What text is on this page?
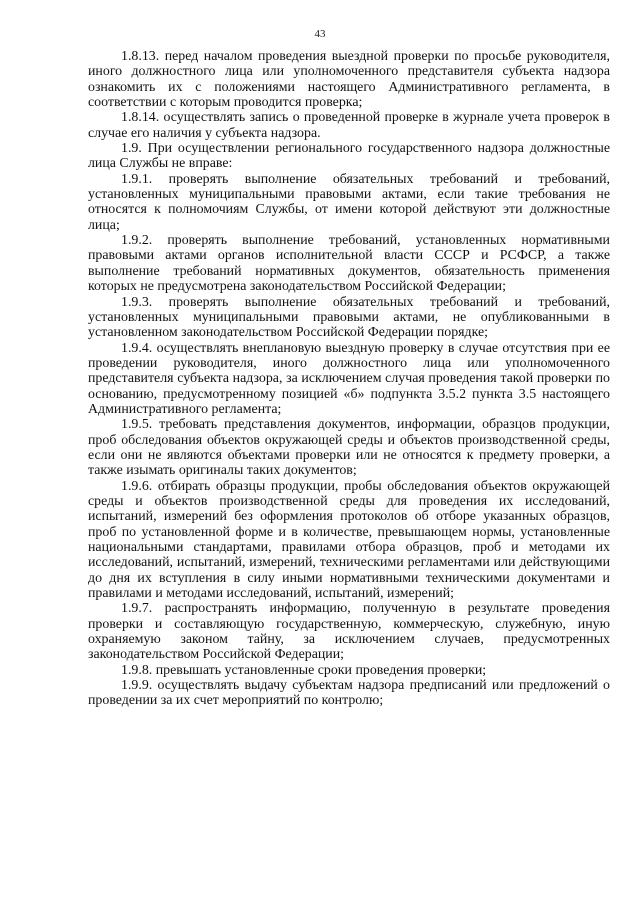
43

1.8.13. перед началом проведения выездной проверки по просьбе руководителя, иного должностного лица или уполномоченного представителя субъекта надзора ознакомить их с положениями настоящего Административного регламента, в соответствии с которым проводится проверка;

1.8.14. осуществлять запись о проведенной проверке в журнале учета проверок в случае его наличия у субъекта надзора.

1.9. При осуществлении регионального государственного надзора должностные лица Службы не вправе:

1.9.1. проверять выполнение обязательных требований и требований, установленных муниципальными правовыми актами, если такие требования не относятся к полномочиям Службы, от имени которой действуют эти должностные лица;

1.9.2. проверять выполнение требований, установленных нормативными правовыми актами органов исполнительной власти СССР и РСФСР, а также выполнение требований нормативных документов, обязательность применения которых не предусмотрена законодательством Российской Федерации;

1.9.3. проверять выполнение обязательных требований и требований, установленных муниципальными правовыми актами, не опубликованными в установленном законодательством Российской Федерации порядке;

1.9.4. осуществлять внеплановую выездную проверку в случае отсутствия при ее проведении руководителя, иного должностного лица или уполномоченного представителя субъекта надзора, за исключением случая проведения такой проверки по основанию, предусмотренному позицией «б» подпункта 3.5.2 пункта 3.5 настоящего Административного регламента;

1.9.5. требовать представления документов, информации, образцов продукции, проб обследования объектов окружающей среды и объектов производственной среды, если они не являются объектами проверки или не относятся к предмету проверки, а также изымать оригиналы таких документов;

1.9.6. отбирать образцы продукции, пробы обследования объектов окружающей среды и объектов производственной среды для проведения их исследований, испытаний, измерений без оформления протоколов об отборе указанных образцов, проб по установленной форме и в количестве, превышающем нормы, установленные национальными стандартами, правилами отбора образцов, проб и методами их исследований, испытаний, измерений, техническими регламентами или действующими до дня их вступления в силу иными нормативными техническими документами и правилами и методами исследований, испытаний, измерений;

1.9.7. распространять информацию, полученную в результате проведения проверки и составляющую государственную, коммерческую, служебную, иную охраняемую законом тайну, за исключением случаев, предусмотренных законодательством Российской Федерации;

1.9.8. превышать установленные сроки проведения проверки;

1.9.9. осуществлять выдачу субъектам надзора предписаний или предложений о проведении за их счет мероприятий по контролю;
